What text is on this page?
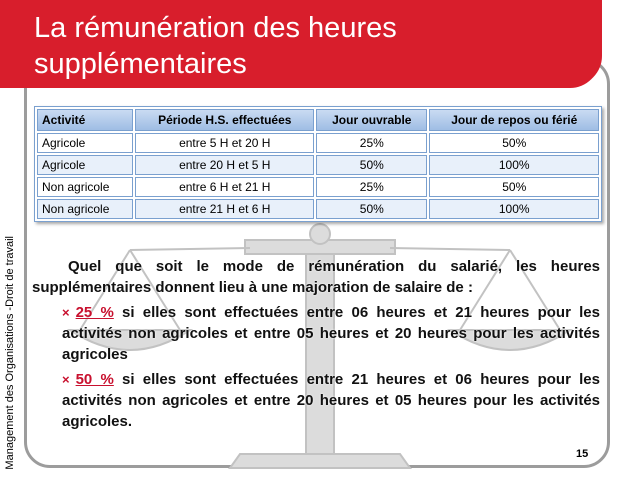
La rémunération des heures supplémentaires
Management des Organisations -Droit de travail
Activité	Période H.S. effectuées	Jour ouvrable	Jour de repos ou férié
Agricole	entre 5 H et 20 H	25%	50%
Agricole	entre 20 H et 5 H	50%	100%
Non agricole	entre 6 H et 21 H	25%	50%
Non agricole	entre 21 H et 6 H	50%	100%

Quel que soit le mode de rémunération du salarié, les heures supplémentaires donnent lieu à une majoration de salaire de :

× 25 % si elles sont effectuées entre 06 heures et 21 heures pour les activités non agricoles et entre 05 heures et 20 heures pour les activités agricoles

× 50 % si elles sont effectuées entre 21 heures et 06 heures pour les activités non agricoles et entre 20 heures et 05 heures pour les activités agricoles.

15
